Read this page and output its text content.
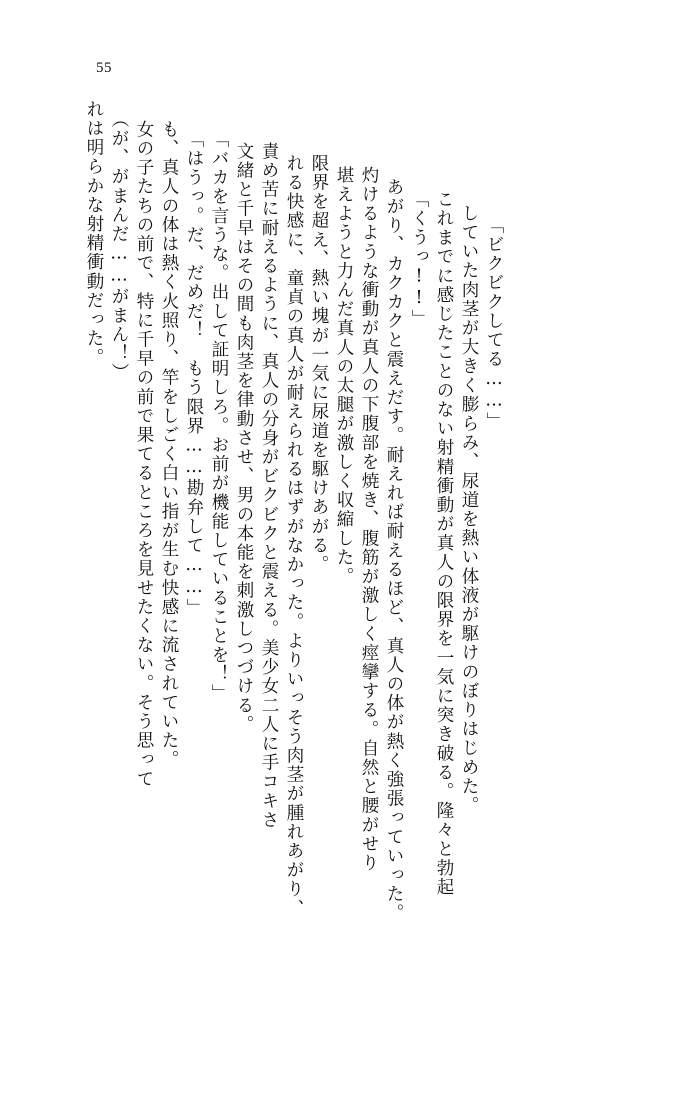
55
れは明らかな射精衝動だった。 （が、がまんだ……がまん！） 女の子たちの前で、特に千早の前で果てるところを見せたくない。そう思って も、真人の体は熱く火照り、竿をしごく白い指が生む快感に流されていた。 「はうっ。だ、だめだ！　もう限界……勘弁して……」 「バカを言うな。出して証明しろ。お前が機能していることを！」 文緒と千早はその間も肉茎を律動させ、男の本能を刺激しつづける。 責め苦に耐えるように、真人の分身がビクビクと震える。美少女二人に手コキさ れる快感に、童貞の真人が耐えられるはずがなかった。よりいっそう肉茎が腫れあがり、 限界を超え、熱い塊が一気に尿道を駆けあがる。 堪えようと力んだ真人の太腿が激しく収縮した。 灼けるような衝動が真人の下腹部を焼き、腹筋が激しく痙攣する。自然と腰がせり あがり、カクカクと震えだす。耐えれば耐えるほど、真人の体が熱く強張っていった。 「くうっ!!」 これまでに感じたことのない射精衝動が真人の限界を一気に突き破る。隆々と勃起 していた肉茎が大きく膨らみ、尿道を熱い体液が駆けのぼりはじめた。 「ビクビクしてる……」
